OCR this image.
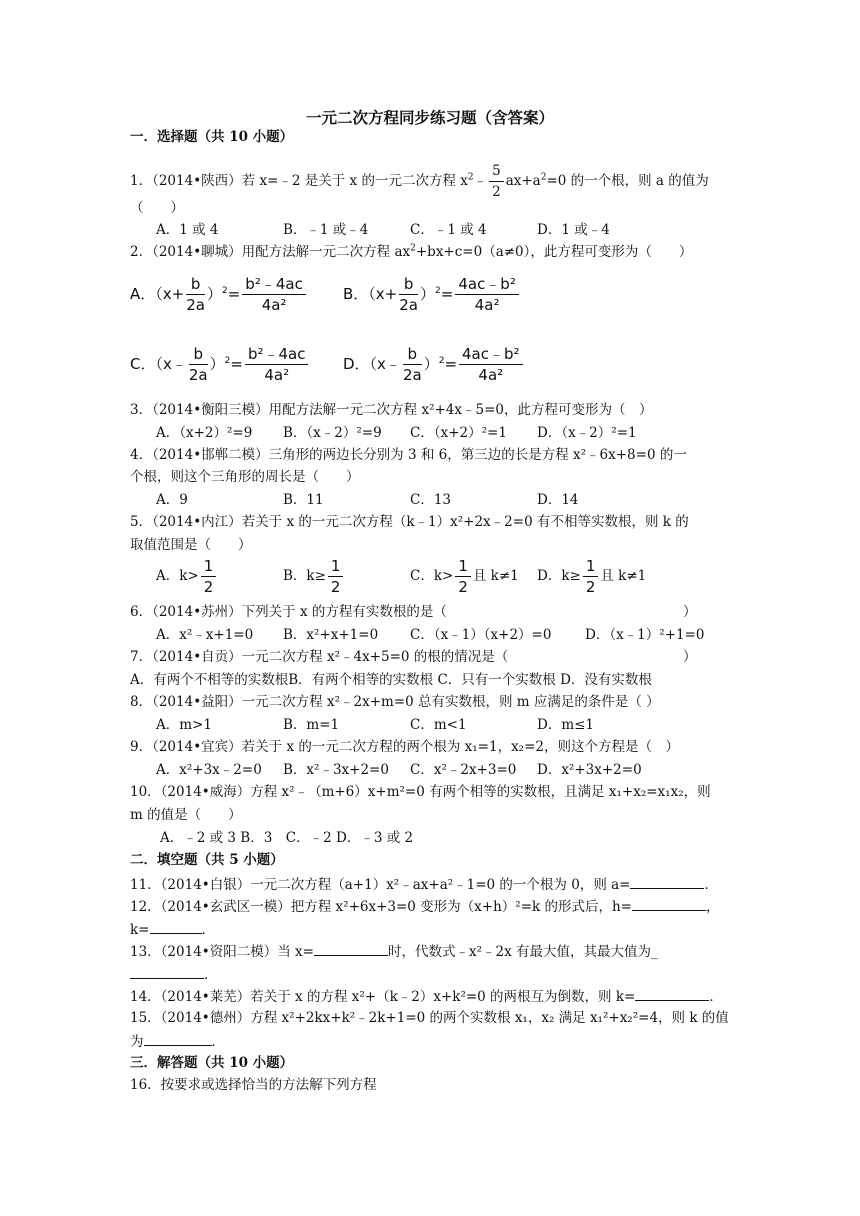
一元二次方程同步练习题（含答案）
一．选择题（共 10 小题）
1．（2014•陕西）若 x=﹣2 是关于 x 的一元二次方程 $x^2﹣ \frac{5}{2} ax+a^2=0$ 的一个根，则 a 的值为
（　　）
A．1 或 4	B．﹣1 或﹣4	C．﹣1 或 4	D．1 或﹣4
2．（2014•聊城）用配方法解一元二次方程 $ax^2+bx+c=0(a\ne 0)$，此方程可变形为（　　）
A．$(x+ \frac{b}{2a} )^2= \frac{\text{b²﹣4ac}}{\text{4a²}}$ B．$(x+ \frac{b}{2a} )^2= \frac{\text{4ac﹣b²}}{\text{4a²}}$
C．（x﹣ $\frac{b}{2a} )^2= \frac{\text{b²﹣4ac}}{\text{4a²}}$ D．（x﹣ $\frac{b}{2a} )^2= \frac{\text{4ac﹣b²}}{\text{4a²}}$
3．（2014•衡阳三模）用配方法解一元二次方程 x²+4x﹣5=0，此方程可变形为（　）
A．（x+2）²=9 B．（x﹣2）²=9 C．（x+2）²=1 D．（x﹣2）²=1
4．（2014•邯郸二模）三角形的两边长分别为 3 和 6，第三边的长是方程 x²﹣6x+8=0 的一
个根，则这个三角形的周长是（　　）
A．9	B．11	C．13	D．14
5．（2014•内江）若关于 x 的一元二次方程（k﹣1）x²+2x﹣2=0 有不相等实数根，则 k 的
取值范围是（　　）
A．$k> \frac{1}{2}$	B．$k\ge \frac{1}{2}$	C．$k> \frac{1}{2}$ 且 k≠1 D．$k\ge \frac{1}{2}$ 且 k≠1
6．（2014•苏州）下列关于 x 的方程有实数根的是（	）
A．x²﹣x+1=0 B．x²+x+1=0 C．（x﹣1）（x+2）=0 D．（x﹣1）²+1=0
7．（2014•自贡）一元二次方程 x²﹣4x+5=0 的根的情况是（	）
A．有两个不相等的实数根B．有两个相等的实数根 C．只有一个实数根 D．没有实数根
8．（2014•益阳）一元二次方程 x²﹣2x+m=0 总有实数根，则 m 应满足的条件是（ ）
A．m>1	B．m=1	C．m<1	D．m≤1
9．（2014•宜宾）若关于 x 的一元二次方程的两个根为 x₁=1，x₂=2，则这个方程是（　）
A．x²+3x﹣2=0 B．x²﹣3x+2=0 C．x²﹣2x+3=0 D．x²+3x+2=0
10．（2014•威海）方程 x²﹣（m+6）x+m²=0 有两个相等的实数根，且满足 x₁+x₂=x₁x₂，则
m 的值是（　　）
A．﹣2 或 3 B．3　C．﹣2 D．﹣3 或 2
二．填空题（共 5 小题）
11．（2014•白银）一元二次方程（a+1）x²﹣ax+a²﹣1=0 的一个根为 0，则 a=	．
12．（2014•玄武区一模）把方程 x²+6x+3=0 变形为（x+h）²=k 的形式后，h=	，
k=	．
13．（2014•资阳二模）当 x=	时，代数式﹣x²﹣2x 有最大值，其最大值为_
．
14．（2014•莱芜）若关于 x 的方程 x²+（k﹣2）x+k²=0 的两根互为倒数，则 k=	．
15．（2014•德州）方程 x²+2kx+k²﹣2k+1=0 的两个实数根 x₁，x₂ 满足 x₁²+x₂²=4，则 k 的值
为	．
三．解答题（共 10 小题）
16．按要求或选择恰当的方法解下列方程
